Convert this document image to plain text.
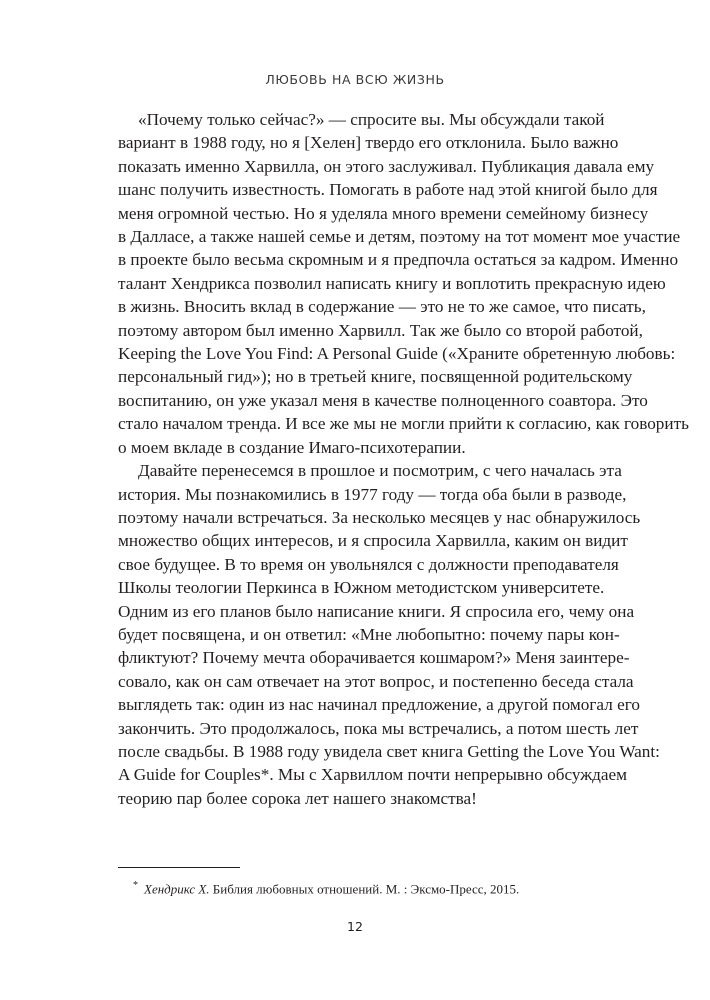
ЛЮБОВЬ НА ВСЮ ЖИЗНЬ
«Почему только сейчас?» — спросите вы. Мы обсуждали такой
вариант в 1988 году, но я [Хелен] твердо его отклонила. Было важно
показать именно Харвилла, он этого заслуживал. Публикация давала ему
шанс получить известность. Помогать в работе над этой книгой было для
меня огромной честью. Но я уделяла много времени семейному бизнесу
в Далласе, а также нашей семье и детям, поэтому на тот момент мое участие
в проекте было весьма скромным и я предпочла остаться за кадром. Именно
талант Хендрикса позволил написать книгу и воплотить прекрасную идею
в жизнь. Вносить вклад в содержание — это не то же самое, что писать,
поэтому автором был именно Харвилл. Так же было со второй работой,
Keeping the Love You Find: A Personal Guide («Храните обретенную любовь:
персональный гид»); но в третьей книге, посвященной родительскому
воспитанию, он уже указал меня в качестве полноценного соавтора. Это
стало началом тренда. И все же мы не могли прийти к согласию, как говорить
о моем вкладе в создание Имаго-психотерапии.
Давайте перенесемся в прошлое и посмотрим, с чего началась эта
история. Мы познакомились в 1977 году — тогда оба были в разводе,
поэтому начали встречаться. За несколько месяцев у нас обнаружилось
множество общих интересов, и я спросила Харвилла, каким он видит
свое будущее. В то время он увольнялся с должности преподавателя
Школы теологии Перкинса в Южном методистском университете.
Одним из его планов было написание книги. Я спросила его, чему она
будет посвящена, и он ответил: «Мне любопытно: почему пары кон-
фликтуют? Почему мечта оборачивается кошмаром?» Меня заинтере-
совало, как он сам отвечает на этот вопрос, и постепенно беседа стала
выглядеть так: один из нас начинал предложение, а другой помогал его
закончить. Это продолжалось, пока мы встречались, а потом шесть лет
после свадьбы. В 1988 году увидела свет книга Getting the Love You Want:
A Guide for Couples*. Мы с Харвиллом почти непрерывно обсуждаем
теорию пар более сорока лет нашего знакомства!
* Хендрикс Х. Библия любовных отношений. М. : Эксмо-Пресс, 2015.
12
